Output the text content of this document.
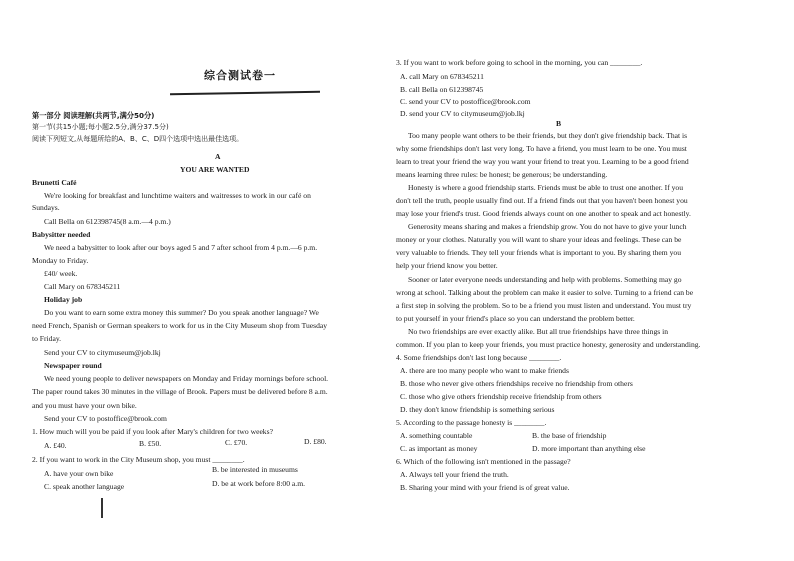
综合测试卷一
第一部分 阅读理解(共两节,满分50分)
第一节(共15小题;每小题2.5分,满分37.5分)
阅读下列短文,从每题所给的A、B、C、D四个选项中选出最佳选项。
A
YOU ARE WANTED
Brunetti Café
We're looking for breakfast and lunchtime waiters and waitresses to work in our café on
Sundays.
Call Bella on 612398745(8 a.m.—4 p.m.)
Babysitter needed
We need a babysitter to look after our boys aged 5 and 7 after school from 4 p.m.—6 p.m.
Monday to Friday.
£40/ week.
Call Mary on 678345211
Holiday job
Do you want to earn some extra money this summer? Do you speak another language? We
need French, Spanish or German speakers to work for us in the City Museum shop from Tuesday
to Friday.
Send your CV to citymuseum@job.lkj
Newspaper round
We need young people to deliver newspapers on Monday and Friday mornings before school.
The paper round takes 30 minutes in the village of Brook. Papers must be delivered before 8 a.m.
and you must have your own bike.
Send your CV to postoffice@brook.com
1. How much will you be paid if you look after Mary's children for two weeks?
A. £40.	B. £50.	C. £70.	D. £80.
2. If you want to work in the City Museum shop, you must ________.
A. have your own bike	B. be interested in museums
C. speak another language	D. be at work before 8:00 a.m.
3. If you want to work before going to school in the morning, you can ________.
A. call Mary on 678345211
B. call Bella on 612398745
C. send your CV to postoffice@brook.com
D. send your CV to citymuseum@job.lkj
B
Too many people want others to be their friends, but they don't give friendship back. That is
why some friendships don't last very long. To have a friend, you must learn to be one. You must
learn to treat your friend the way you want your friend to treat you. Learning to be a good friend
means learning three rules: be honest; be generous; be understanding.
Honesty is where a good friendship starts. Friends must be able to trust one another. If you
don't tell the truth, people usually find out. If a friend finds out that you haven't been honest you
may lose your friend's trust. Good friends always count on one another to speak and act honestly.
Generosity means sharing and makes a friendship grow. You do not have to give your lunch
money or your clothes. Naturally you will want to share your ideas and feelings. These can be
very valuable to friends. They tell your friends what is important to you. By sharing them you
help your friend know you better.
Sooner or later everyone needs understanding and help with problems. Something may go
wrong at school. Talking about the problem can make it easier to solve. Turning to a friend can be
a first step in solving the problem. So to be a friend you must listen and understand. You must try
to put yourself in your friend's place so you can understand the problem better.
No two friendships are ever exactly alike. But all true friendships have three things in
common. If you plan to keep your friends, you must practice honesty, generosity and understanding.
4. Some friendships don't last long because ________.
A. there are too many people who want to make friends
B. those who never give others friendships receive no friendship from others
C. those who give others friendship receive friendship from others
D. they don't know friendship is something serious
5. According to the passage honesty is ________.
A. something countable	B. the base of friendship
C. as important as money	D. more important than anything else
6. Which of the following isn't mentioned in the passage?
A. Always tell your friend the truth.
B. Sharing your mind with your friend is of great value.
